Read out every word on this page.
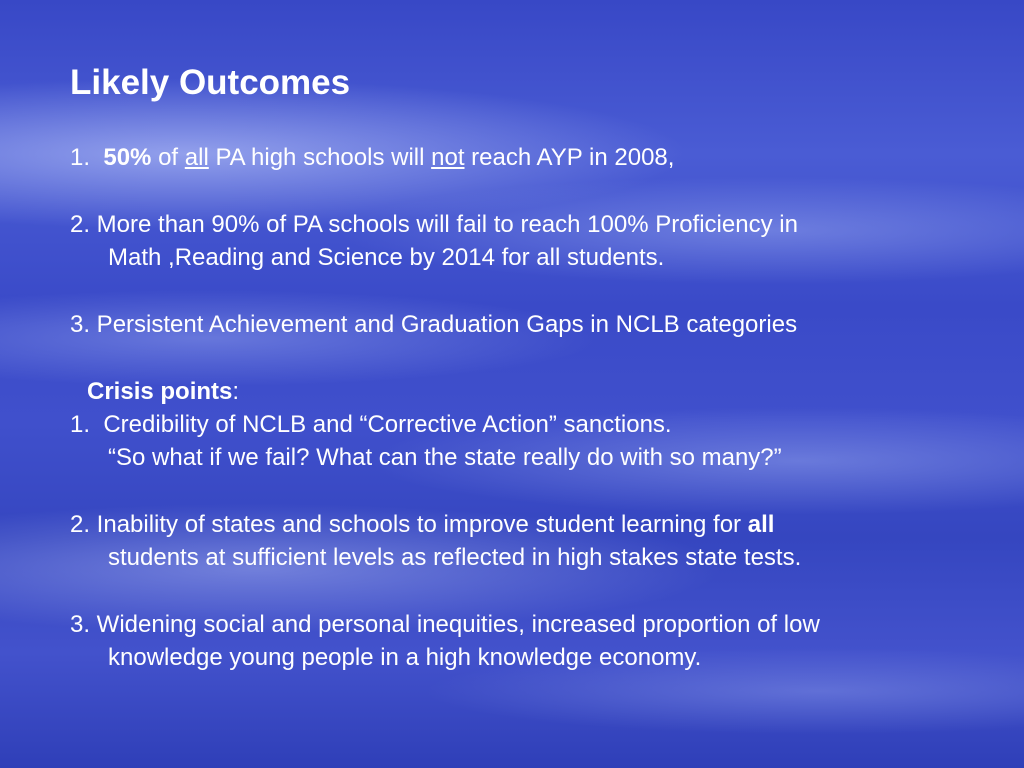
Likely Outcomes

1. 50% of all PA high schools will not reach AYP in 2008,

2. More than 90% of PA schools will fail to reach 100% Proficiency in

Math ,Reading and Science by 2014 for all students.

3. Persistent Achievement and Graduation Gaps in NCLB categories

Crisis points:

1.  Credibility of NCLB and “Corrective Action” sanctions.

“So what if we fail? What can the state really do with so many?”

2. Inability of states and schools to improve student learning for all

students at sufficient levels as reflected in high stakes state tests.

3. Widening social and personal inequities, increased proportion of low

knowledge young people in a high knowledge economy.
